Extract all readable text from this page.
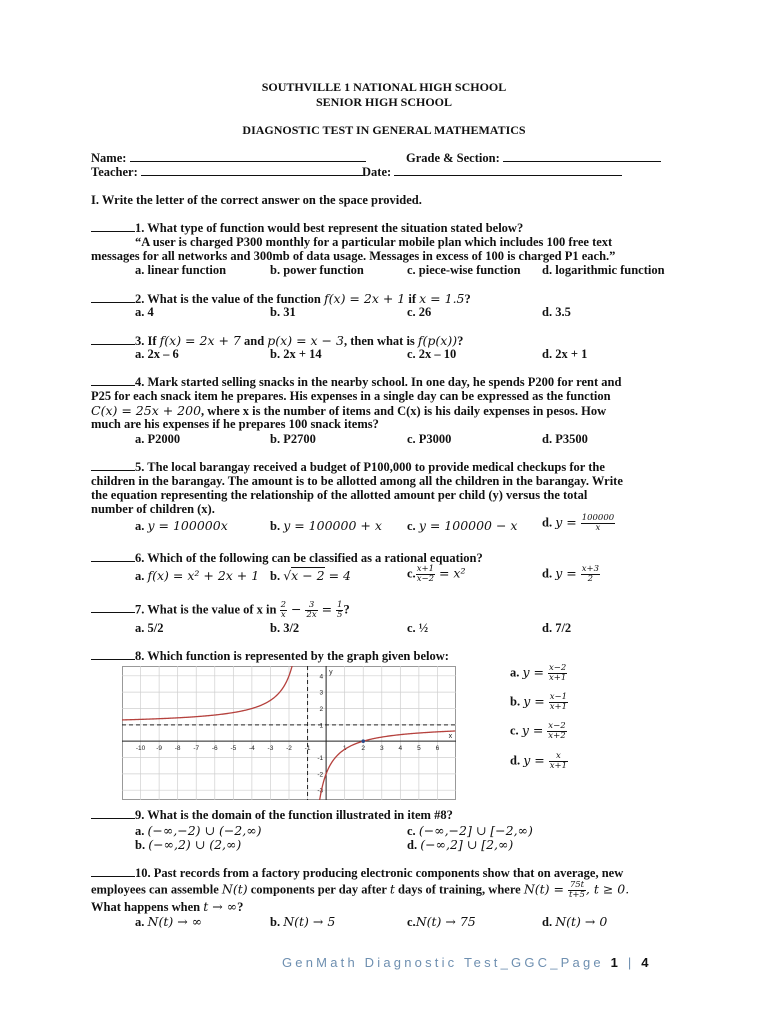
SOUTHVILLE 1 NATIONAL HIGH SCHOOL
SENIOR HIGH SCHOOL
DIAGNOSTIC TEST IN GENERAL MATHEMATICS
Name:	Grade & Section:
Teacher:	Date:
I. Write the letter of the correct answer on the space provided.
1. What type of function would best represent the situation stated below?
“A user is charged P300 monthly for a particular mobile plan which includes 100 free text
messages for all networks and 300mb of data usage. Messages in excess of 100 is charged P1 each.”
a. linear function	b. power function	c. piece-wise function d. logarithmic function
2. What is the value of the function f(x) = 2x + 1 if x = 1.5?
a. 4	b. 31	c. 26	d. 3.5
3. If f(x) = 2x + 7 and p(x) = x − 3, then what is f(p(x))?
a. 2x – 6	b. 2x + 14	c. 2x – 10	d. 2x + 1
4. Mark started selling snacks in the nearby school. In one day, he spends P200 for rent and
P25 for each snack item he prepares. His expenses in a single day can be expressed as the function
C(x) = 25x + 200, where x is the number of items and C(x) is his daily expenses in pesos. How
much are his expenses if he prepares 100 snack items?
a. P2000	b. P2700	c. P3000	d. P3500
5. The local barangay received a budget of P100,000 to provide medical checkups for the
children in the barangay. The amount is to be allotted among all the children in the barangay. Write
the equation representing the relationship of the allotted amount per child (y) versus the total
number of children (x).
a. y = 100000x	b. y = 100000 + x c. y = 100000 − x d. $y = \frac{100000}{x}$
6. Which of the following can be classified as a rational equation?
a. f(x) = x² + 2x + 1 b. √x − 2 = 4	c. $\frac{x+1}{x-2} = x^2$	d. $y = \frac{x+3}{2}$
7. What is the value of x in $\frac{2}{x} - \frac{3}{2x} = \frac{1}{5}$ ?
a. 5/2	b. 3/2	c. ½	d. 7/2
8. Which function is represented by the graph given below:
-10 -9 -8 -7 -6 -5 -4 -3 -2 -1	1 2 3 4 5 6
4
3
2
1
-1
-2
-3
x
y	a. $y = \frac{x-2}{x+1}$
b. $y = \frac{x-1}{x+1}$
c. $y = \frac{x-2}{x+2}$
d. $y = \frac{x}{x+1}$
9. What is the domain of the function illustrated in item #8?
a. (−∞,−2) ∪ (−2,∞)	c. (−∞,−2] ∪ [−2,∞)
b. (−∞,2) ∪ (2,∞)	d. (−∞,2] ∪ [2,∞)
10. Past records from a factory producing electronic components show that on average, new
employees can assemble N(t) components per day after t days of training, where $N(t) = \frac{75t}{t+5}$ , t ≥ 0.
What happens when t → ∞?
a. N(t) → ∞	b. N(t) → 5	c.N(t) → 75	d. N(t) → 0
GenMath Diagnostic Test_GGC_Page 1 | 4
